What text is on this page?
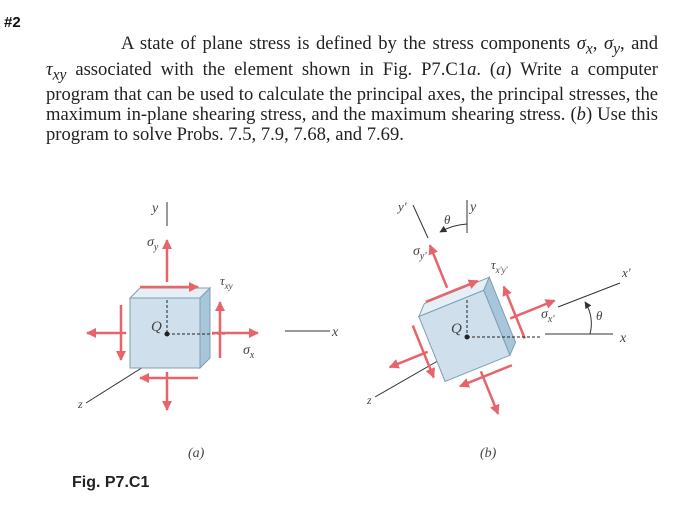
#2

A state of plane stress is defined by the stress components $\sigma_x$, $\sigma_y$, and $\tau_{xy}$ associated with the element shown in Fig. P7.C1a. (a) Write a computer program that can be used to calculate the principal axes, the principal stresses, the maximum in-plane shearing stress, and the maximum shearing stress. (b) Use this program to solve Probs. 7.5, 7.9, 7.68, and 7.69.

y
x
z
Q
$\sigma_y$
$\tau_{xy}$
$\sigma_x$
(a)
y
x
z
y'
x'
θ
θ
Q
$\sigma_{y'}$
$\tau_{x'y'}$
$\sigma_{x'}$
(b)
Fig. P7.C1
